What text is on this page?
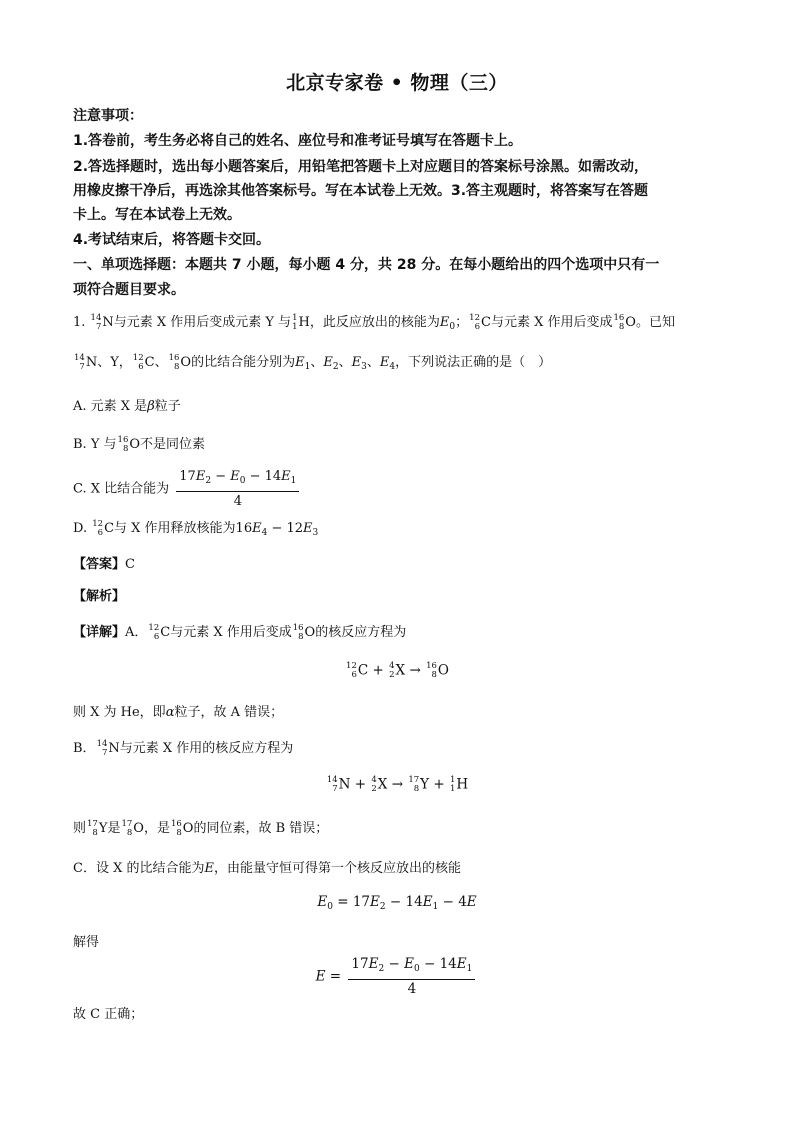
北京专家卷 • 物理（三）
注意事项：
1.答卷前，考生务必将自己的姓名、座位号和准考证号填写在答题卡上。
2.答选择题时，选出每小题答案后，用铅笔把答题卡上对应题目的答案标号涂黑。如需改动，
用橡皮擦干净后，再选涂其他答案标号。写在本试卷上无效。3.答主观题时，将答案写在答题
卡上。写在本试卷上无效。
4.考试结束后，将答题卡交回。
一、单项选择题：本题共 7 小题，每小题 4 分，共 28 分。在每小题给出的四个选项中只有一
项符合题目要求。
1. 14
7N与元素 X 作用后变成元素 Y 与1
1H，此反应放出的核能为$E_0$；12
6C与元素 X 作用后变成16
8O。已知
14
7N、Y，12
6C、16
8O的比结合能分别为$E_1$、$E_2$、$E_3$、$E_4$，下列说法正确的是（　）
A. 元素 X 是β粒子
B. Y 与16
8O不是同位素
C. X 比结合能为 $\frac{17E_2 - E_0 - 14E_1}{4}$
D. 12
6C与 X 作用释放核能为$16E_4 - 12E_3$
【答案】C
【解析】
【详解】A．12
6C与元素 X 作用后变成16
8O的核反应方程为
12
6C + 4
2X → 16
8O
则 X 为 He，即α粒子，故 A 错误；
B．14
7N与元素 X 作用的核反应方程为
14
7N + 4
2X → 17
8Y + 1
1H
则17
8Y是17
8O，是16
8O的同位素，故 B 错误；
C．设 X 的比结合能为E，由能量守恒可得第一个核反应放出的核能
$E_0 = 17E_2 - 14E_1 - 4E$
解得
$E = \frac{17E_2 - E_0 - 14E_1}{4}$
故 C 正确；
